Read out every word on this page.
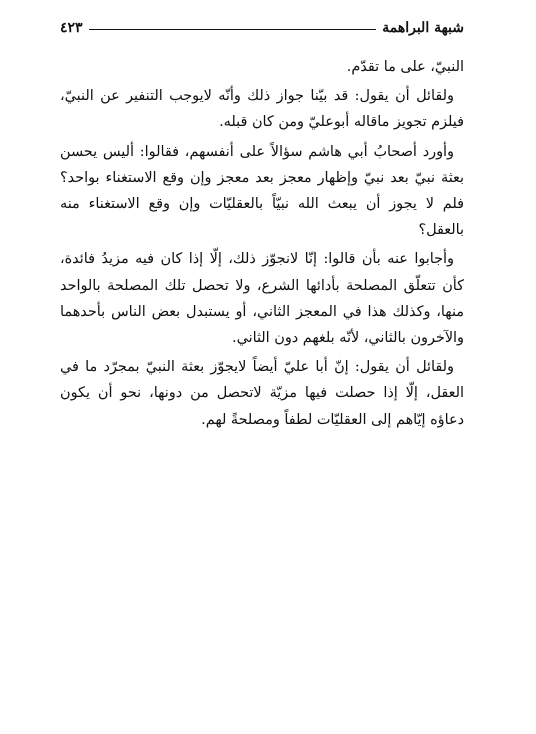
شبهة البراهمة
٤٢٣

النبيّ، على ما تقدّم.

ولقائل أن يقول: قد بيّنا جواز ذلك وأنّه لايوجب التنفير عن النبيّ، فيلزم تجويز ماقاله أبوعليّ ومن كان قبله.

وأورد أصحابُ أبي هاشم سؤالاً على أنفسهم، فقالوا: أليس يحسن بعثة نبيّ بعد نبيّ وإظهار معجز بعد معجز وإن وقع الاستغناء بواحد؟ فلم لا يجوز أن يبعث الله نبيّاً بالعقليّات وإن وقع الاستغناء منه بالعقل؟

وأجابوا عنه بأن قالوا: إنّا لانجوّز ذلك، إلّا إذا كان فيه مزيدُ فائدة، كأن تتعلّق المصلحة بأدائها الشرع، ولا تحصل تلك المصلحة بالواحد منها، وكذلك هذا في المعجز الثاني، أو يستبدل بعض الناس بأحدهما والآخرون بالثاني، لأنّه بلغهم دون الثاني.

ولقائل أن يقول: إنّ أبا عليّ أيضاً لايجوّز بعثة النبيّ بمجرّد ما في العقل، إلّا إذا حصلت فيها مزيّة لاتحصل من دونها، نحو أن يكون دعاؤه إيّاهم إلى العقليّات لطفاً ومصلحةً لهم.
